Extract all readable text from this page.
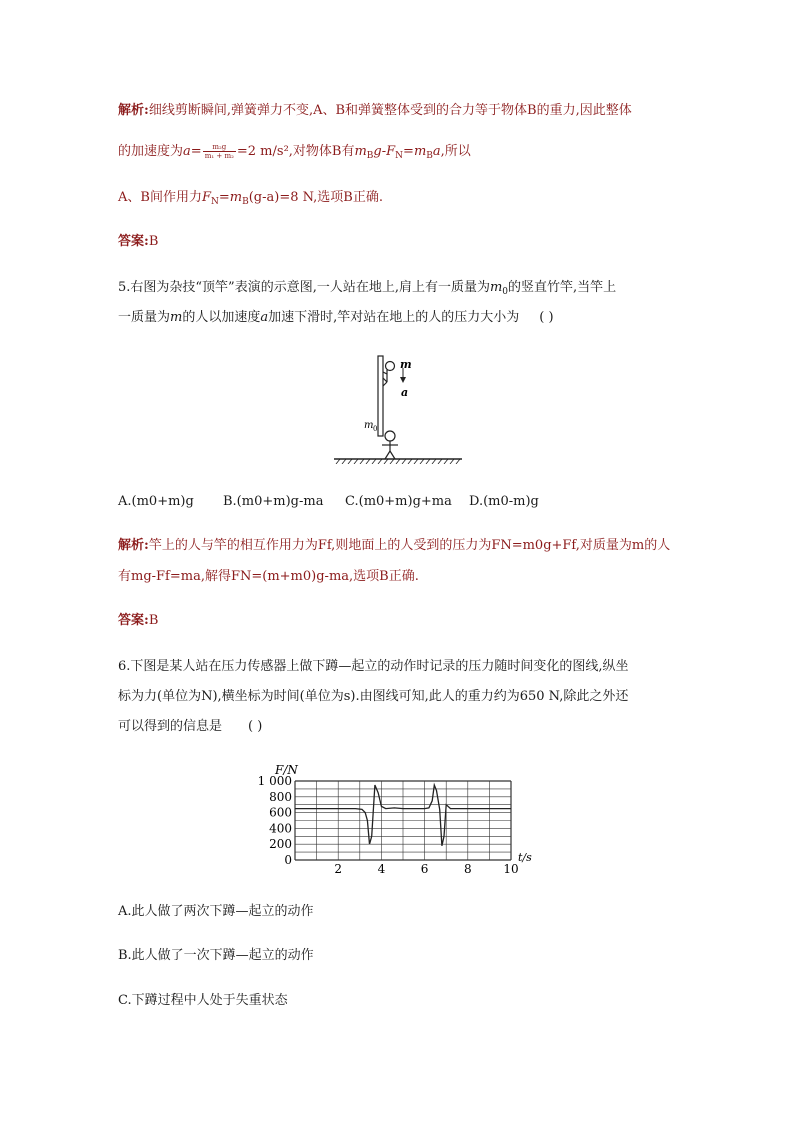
解析:细线剪断瞬间,弹簧弹力不变,A、B和弹簧整体受到的合力等于物体B的重力,因此整体
的加速度为$a= \frac{\text{m₂g}}{\text{m₁ + m₂}} =2$ m/s²,对物体B有$m_Bg-F_N=m_Ba$,所以
A、B间作用力$F_N=m_B(g-a)=8$ N,选项B正确.
答案:B
5.右图为杂技“顶竿”表演的示意图,一人站在地上,肩上有一质量为$m_0$的竖直竹竿,当竿上
一质量为m的人以加速度a加速下滑时,竿对站在地上的人的压力大小为 ( )
m
a
m 0
A.(m0+m)g B.(m0+m)g-ma C.(m0+m)g+ma D.(m0-m)g
解析:竿上的人与竿的相互作用力为Ff,则地面上的人受到的压力为FN=m0g+Ff,对质量为m的人
有mg-Ff=ma,解得FN=(m+m0)g-ma,选项B正确.
答案:B
6.下图是某人站在压力传感器上做下蹲—起立的动作时记录的压力随时间变化的图线,纵坐
标为力(单位为N),横坐标为时间(单位为s).由图线可知,此人的重力约为650 N,除此之外还
可以得到的信息是 ( )
1 000
800
600
400
200
0
2	4	6	8	10
F/N
t/s
A.此人做了两次下蹲—起立的动作
B.此人做了一次下蹲—起立的动作
C.下蹲过程中人处于失重状态
